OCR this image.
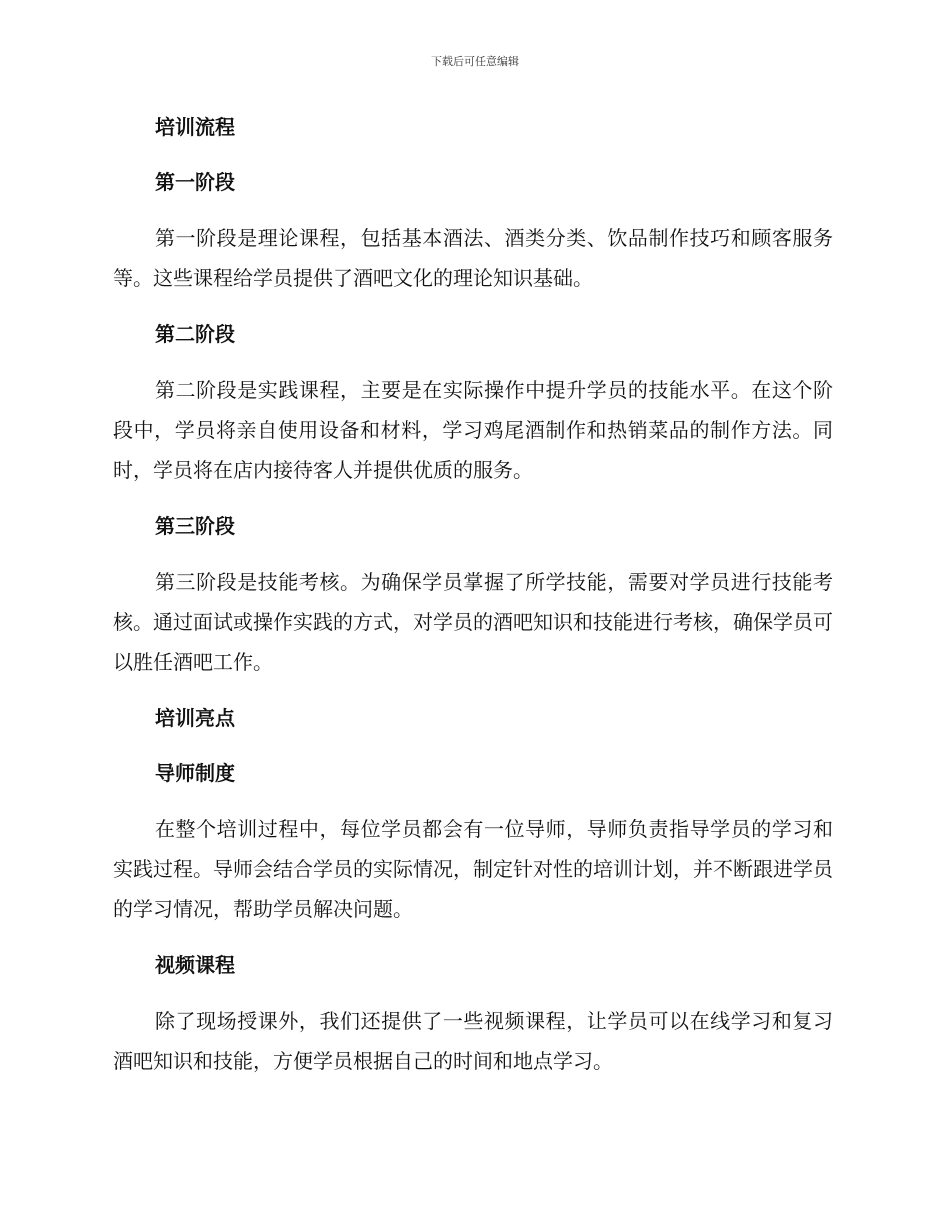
下载后可任意编辑
培训流程
第一阶段

第一阶段是理论课程，包括基本酒法、酒类分类、饮品制作技巧和顾客服务等。这些课程给学员提供了酒吧文化的理论知识基础。

第二阶段

第二阶段是实践课程，主要是在实际操作中提升学员的技能水平。在这个阶段中，学员将亲自使用设备和材料，学习鸡尾酒制作和热销菜品的制作方法。同时，学员将在店内接待客人并提供优质的服务。

第三阶段

第三阶段是技能考核。为确保学员掌握了所学技能，需要对学员进行技能考核。通过面试或操作实践的方式，对学员的酒吧知识和技能进行考核，确保学员可以胜任酒吧工作。

培训亮点
导师制度

在整个培训过程中，每位学员都会有一位导师，导师负责指导学员的学习和实践过程。导师会结合学员的实际情况，制定针对性的培训计划，并不断跟进学员的学习情况，帮助学员解决问题。

视频课程

除了现场授课外，我们还提供了一些视频课程，让学员可以在线学习和复习酒吧知识和技能，方便学员根据自己的时间和地点学习。
